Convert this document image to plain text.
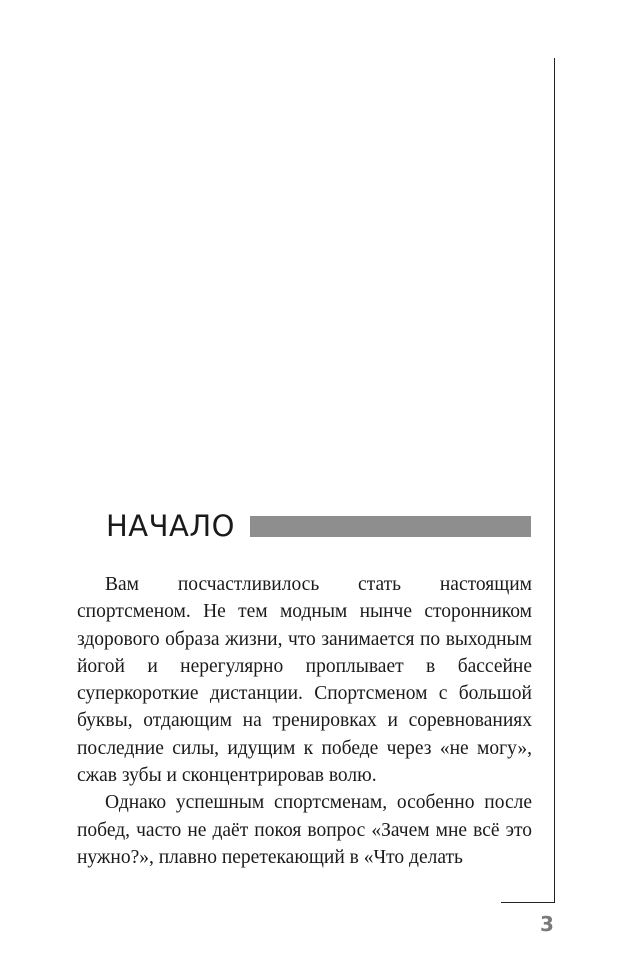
НАЧАЛО

Вам посчастливилось стать настоящим спортсменом. Не тем модным нынче сторонником здорового образа жизни, что занимается по выходным йогой и нерегулярно проплывает в бассейне суперкороткие дистанции. Спортсменом с большой буквы, отдающим на тренировках и соревнованиях последние силы, идущим к победе через «не могу», сжав зубы и сконцентрировав волю.

Однако успешным спортсменам, особенно после побед, часто не даёт покоя вопрос «Зачем мне всё это нужно?», плавно перетекающий в «Что делать

3
